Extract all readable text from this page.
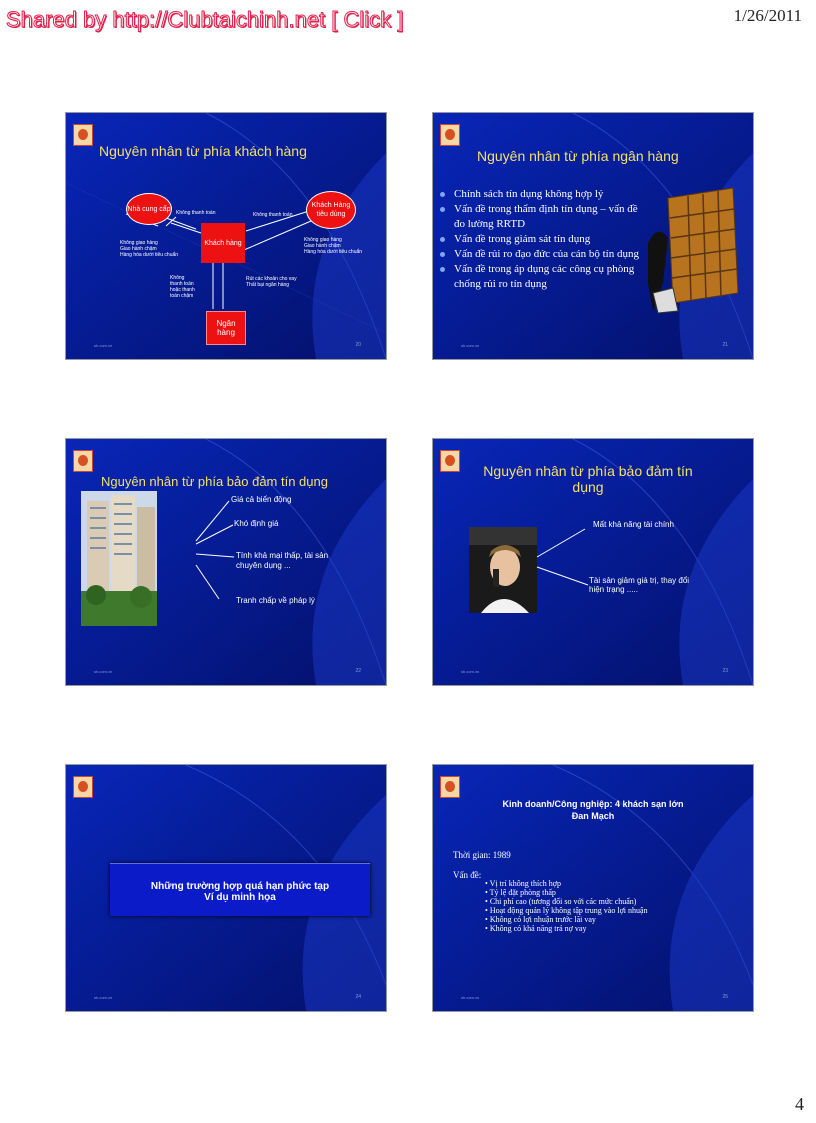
Shared by http://Clubtaichinh.net [ Click ]	1/26/2011
Nguyên nhân từ phía khách hàng
Nhà cung cấp	Khách Hàng tiêu dùng
Khách hàng
Ngân hàng
Không thanh toán	Không thanh toán
Không giao hàng
Giao hành chậm
Hàng hóa dưới tiêu chuẩn
Không giao hàng
Giao hành chậm
Hàng hóa dưới tiêu chuẩn
Không
thanh toán
hoặc thanh
toán chậm
Rút các khoản cho vay
Thất bại ngân hàng
sh.com.vn	20
Nguyên nhân từ phía ngân hàng
Chính sách tín dụng không hợp lý
Vấn đề trong thẩm định tín dụng – vấn đề đo lường RRTD
Vấn đề trong giám sát tín dụng
Vấn đề rủi ro đạo đức của cán bộ tín dụng
Vấn đề trong áp dụng các công cụ phòng chống rủi ro tín dụng
sh.com.vn	21
Nguyên nhân từ phía bảo đảm tín dụng
Giá cả biến động
Khó định giá
Tính khả mại thấp, tài sản chuyên dụng ...
Tranh chấp về pháp lý
sh.com.vn	22
Nguyên nhân từ phía bảo đảm tín
dụng
Mất khả năng tài chính
Tài sản giảm giá trị, thay đổi hiện trạng .....
sh.com.vn	23
Những trường hợp quá hạn phức tạp
Ví dụ minh họa
sh.com.vn	24
Kinh doanh/Công nghiệp: 4 khách sạn lớn
Đan Mạch
Thời gian: 1989
Vấn đề:
• Vị trí không thích hợp
• Tỷ lệ đặt phòng thấp
• Chi phí cao (tương đối so với các mức chuẩn)
• Hoạt động quản lý không tập trung vào lợi nhuận
• Không có lợi nhuận trước lãi vay
• Không có khả năng trả nợ vay
sh.com.vn	25
4
